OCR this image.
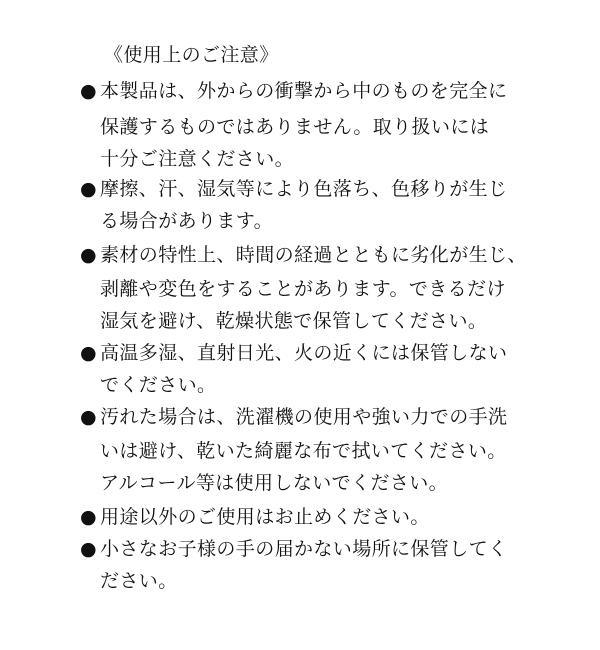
《使用上のご注意》

● 本製品は、外からの衝撃から中のものを完全に

保護するものではありません。取り扱いには

十分ご注意ください。

● 摩擦、汗、湿気等により色落ち、色移りが生じ

る場合があります。

● 素材の特性上、時間の経過とともに劣化が生じ、

剥離や変色をすることがあります。できるだけ

湿気を避け、乾燥状態で保管してください。

● 高温多湿、直射日光、火の近くには保管しない

でください。

● 汚れた場合は、洗濯機の使用や強い力での手洗

いは避け、乾いた綺麗な布で拭いてください。

アルコール等は使用しないでください。

● 用途以外のご使用はお止めください。

● 小さなお子様の手の届かない場所に保管してく

ださい。
